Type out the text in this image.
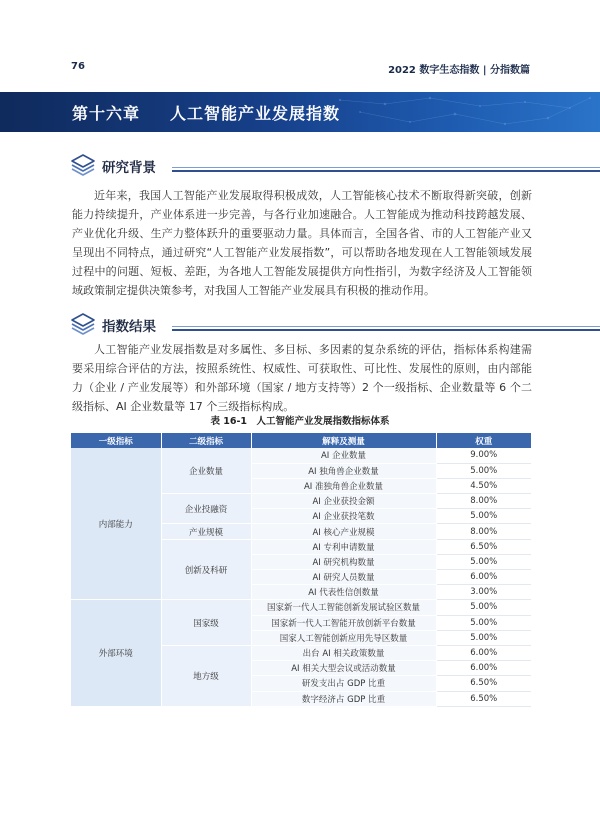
76	2022 数字生态指数 | 分指数篇
第十六章 人工智能产业发展指数
研究背景
近年来，我国人工智能产业发展取得积极成效，人工智能核心技术不断取得新突破，创新能力持续提升，产业体系进一步完善，与各行业加速融合。人工智能成为推动科技跨越发展、产业优化升级、生产力整体跃升的重要驱动力量。具体而言，全国各省、市的人工智能产业又呈现出不同特点，通过研究“人工智能产业发展指数”，可以帮助各地发现在人工智能领域发展过程中的问题、短板、差距，为各地人工智能发展提供方向性指引，为数字经济及人工智能领域政策制定提供决策参考，对我国人工智能产业发展具有积极的推动作用。
指数结果
人工智能产业发展指数是对多属性、多目标、多因素的复杂系统的评估，指标体系构建需要采用综合评估的方法，按照系统性、权威性、可获取性、可比性、发展性的原则，由内部能力（企业 / 产业发展等）和外部环境（国家 / 地方支持等）2 个一级指标、企业数量等 6 个二级指标、AI 企业数量等 17 个三级指标构成。
表 16-1　人工智能产业发展指数指标体系
一级指标	二级指标	解释及测量	权重
内部能力	企业数量	AI 企业数量	9.00%
		AI 独角兽企业数量	5.00%
		AI 准独角兽企业数量	4.50%
	企业投融资	AI 企业获投金额	8.00%
		AI 企业获投笔数	5.00%
	产业规模	AI 核心产业规模	8.00%
	创新及科研	AI 专利申请数量	6.50%
		AI 研究机构数量	5.00%
		AI 研究人员数量	6.00%
		AI 代表性信创数量	3.00%
外部环境	国家级	国家新一代人工智能创新发展试验区数量	5.00%
		国家新一代人工智能开放创新平台数量	5.00%
		国家人工智能创新应用先导区数量	5.00%
	地方级	出台 AI 相关政策数量	6.00%
		AI 相关大型会议或活动数量	6.00%
		研发支出占 GDP 比重	6.50%
		数字经济占 GDP 比重	6.50%
